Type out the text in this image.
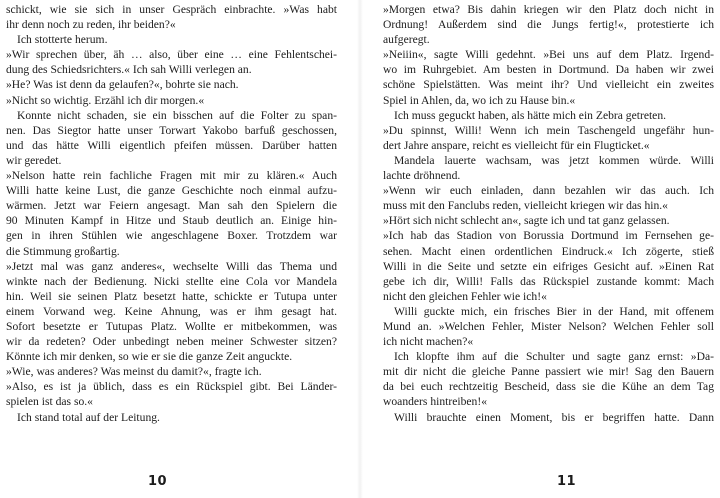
schickt, wie sie sich in unser Gespräch einbrachte. »Was habt
ihr denn noch zu reden, ihr beiden?«
Ich stotterte herum.
»Wir sprechen über, äh … also, über eine … eine Fehlentschei-
dung des Schiedsrichters.« Ich sah Willi verlegen an.
»He? Was ist denn da gelaufen?«, bohrte sie nach.
»Nicht so wichtig. Erzähl ich dir morgen.«
Konnte nicht schaden, sie ein bisschen auf die Folter zu span-
nen. Das Siegtor hatte unser Torwart Yakobo barfuß geschossen,
und das hätte Willi eigentlich pfeifen müssen. Darüber hatten
wir geredet.
»Nelson hatte rein fachliche Fragen mit mir zu klären.« Auch
Willi hatte keine Lust, die ganze Geschichte noch einmal aufzu-
wärmen. Jetzt war Feiern angesagt. Man sah den Spielern die
90 Minuten Kampf in Hitze und Staub deutlich an. Einige hin-
gen in ihren Stühlen wie angeschlagene Boxer. Trotzdem war
die Stimmung großartig.
»Jetzt mal was ganz anderes«, wechselte Willi das Thema und
winkte nach der Bedienung. Nicki stellte eine Cola vor Mandela
hin. Weil sie seinen Platz besetzt hatte, schickte er Tutupa unter
einem Vorwand weg. Keine Ahnung, was er ihm gesagt hat.
Sofort besetzte er Tutupas Platz. Wollte er mitbekommen, was
wir da redeten? Oder unbedingt neben meiner Schwester sitzen?
Könnte ich mir denken, so wie er sie die ganze Zeit anguckte.
»Wie, was anderes? Was meinst du damit?«, fragte ich.
»Also, es ist ja üblich, dass es ein Rückspiel gibt. Bei Länder-
spielen ist das so.«
Ich stand total auf der Leitung.
10
»Morgen etwa? Bis dahin kriegen wir den Platz doch nicht in
Ordnung! Außerdem sind die Jungs fertig!«, protestierte ich
aufgeregt.
»Neiiin«, sagte Willi gedehnt. »Bei uns auf dem Platz. Irgend-
wo im Ruhrgebiet. Am besten in Dortmund. Da haben wir zwei
schöne Spielstätten. Was meint ihr? Und vielleicht ein zweites
Spiel in Ahlen, da, wo ich zu Hause bin.«
Ich muss geguckt haben, als hätte mich ein Zebra getreten.
»Du spinnst, Willi! Wenn ich mein Taschengeld ungefähr hun-
dert Jahre anspare, reicht es vielleicht für ein Flugticket.«
Mandela lauerte wachsam, was jetzt kommen würde. Willi
lachte dröhnend.
»Wenn wir euch einladen, dann bezahlen wir das auch. Ich
muss mit den Fanclubs reden, vielleicht kriegen wir das hin.«
»Hört sich nicht schlecht an«, sagte ich und tat ganz gelassen.
»Ich hab das Stadion von Borussia Dortmund im Fernsehen ge-
sehen. Macht einen ordentlichen Eindruck.« Ich zögerte, stieß
Willi in die Seite und setzte ein eifriges Gesicht auf. »Einen Rat
gebe ich dir, Willi! Falls das Rückspiel zustande kommt: Mach
nicht den gleichen Fehler wie ich!«
Willi guckte mich, ein frisches Bier in der Hand, mit offenem
Mund an. »Welchen Fehler, Mister Nelson? Welchen Fehler soll
ich nicht machen?«
Ich klopfte ihm auf die Schulter und sagte ganz ernst: »Da-
mit dir nicht die gleiche Panne passiert wie mir! Sag den Bauern
da bei euch rechtzeitig Bescheid, dass sie die Kühe an dem Tag
woanders hintreiben!«
Willi brauchte einen Moment, bis er begriffen hatte. Dann
11
